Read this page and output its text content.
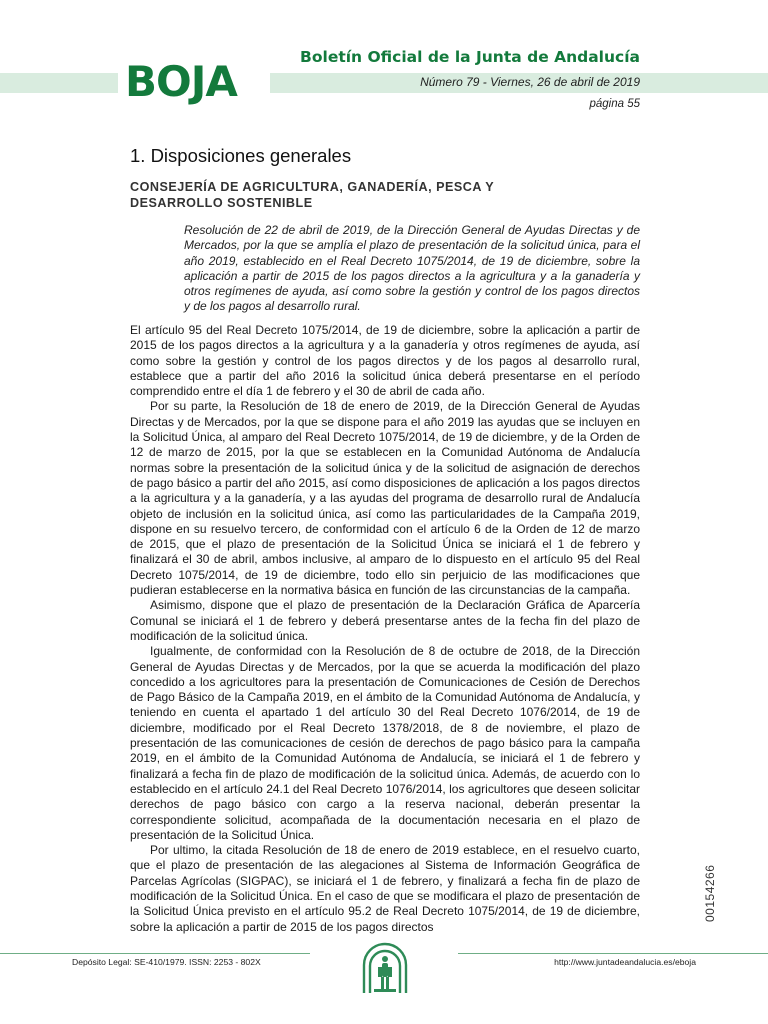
BOJA	Boletín Oficial de la Junta de Andalucía
Número 79 - Viernes, 26 de abril de 2019
página 55
1. Disposiciones generales
CONSEJERÍA DE AGRICULTURA, GANADERÍA, PESCA Y DESARROLLO SOSTENIBLE
Resolución de 22 de abril de 2019, de la Dirección General de Ayudas Directas y de Mercados, por la que se amplía el plazo de presentación de la solicitud única, para el año 2019, establecido en el Real Decreto 1075/2014, de 19 de diciembre, sobre la aplicación a partir de 2015 de los pagos directos a la agricultura y a la ganadería y otros regímenes de ayuda, así como sobre la gestión y control de los pagos directos y de los pagos al desarrollo rural.

El artículo 95 del Real Decreto 1075/2014, de 19 de diciembre, sobre la aplicación a partir de 2015 de los pagos directos a la agricultura y a la ganadería y otros regímenes de ayuda, así como sobre la gestión y control de los pagos directos y de los pagos al desarrollo rural, establece que a partir del año 2016 la solicitud única deberá presentarse en el período comprendido entre el día 1 de febrero y el 30 de abril de cada año.

Por su parte, la Resolución de 18 de enero de 2019, de la Dirección General de Ayudas Directas y de Mercados, por la que se dispone para el año 2019 las ayudas que se incluyen en la Solicitud Única, al amparo del Real Decreto 1075/2014, de 19 de diciembre, y de la Orden de 12 de marzo de 2015, por la que se establecen en la Comunidad Autónoma de Andalucía normas sobre la presentación de la solicitud única y de la solicitud de asignación de derechos de pago básico a partir del año 2015, así como disposiciones de aplicación a los pagos directos a la agricultura y a la ganadería, y a las ayudas del programa de desarrollo rural de Andalucía objeto de inclusión en la solicitud única, así como las particularidades de la Campaña 2019, dispone en su resuelvo tercero, de conformidad con el artículo 6 de la Orden de 12 de marzo de 2015, que el plazo de presentación de la Solicitud Única se iniciará el 1 de febrero y finalizará el 30 de abril, ambos inclusive, al amparo de lo dispuesto en el artículo 95 del Real Decreto 1075/2014, de 19 de diciembre, todo ello sin perjuicio de las modificaciones que pudieran establecerse en la normativa básica en función de las circunstancias de la campaña.

Asimismo, dispone que el plazo de presentación de la Declaración Gráfica de Aparcería Comunal se iniciará el 1 de febrero y deberá presentarse antes de la fecha fin del plazo de modificación de la solicitud única.

Igualmente, de conformidad con la Resolución de 8 de octubre de 2018, de la Dirección General de Ayudas Directas y de Mercados, por la que se acuerda la modificación del plazo concedido a los agricultores para la presentación de Comunicaciones de Cesión de Derechos de Pago Básico de la Campaña 2019, en el ámbito de la Comunidad Autónoma de Andalucía, y teniendo en cuenta el apartado 1 del artículo 30 del Real Decreto 1076/2014, de 19 de diciembre, modificado por el Real Decreto 1378/2018, de 8 de noviembre, el plazo de presentación de las comunicaciones de cesión de derechos de pago básico para la campaña 2019, en el ámbito de la Comunidad Autónoma de Andalucía, se iniciará el 1 de febrero y finalizará a fecha fin de plazo de modificación de la solicitud única. Además, de acuerdo con lo establecido en el artículo 24.1 del Real Decreto 1076/2014, los agricultores que deseen solicitar derechos de pago básico con cargo a la reserva nacional, deberán presentar la correspondiente solicitud, acompañada de la documentación necesaria en el plazo de presentación de la Solicitud Única.

Por ultimo, la citada Resolución de 18 de enero de 2019 establece, en el resuelvo cuarto, que el plazo de presentación de las alegaciones al Sistema de Información Geográfica de Parcelas Agrícolas (SIGPAC), se iniciará el 1 de febrero, y finalizará a fecha fin de plazo de modificación de la Solicitud Única. En el caso de que se modificara el plazo de presentación de la Solicitud Única previsto en el artículo 95.2 de Real Decreto 1075/2014, de 19 de diciembre, sobre la aplicación a partir de 2015 de los pagos directos

00154266
Depósito Legal: SE-410/1979. ISSN: 2253 - 802X	http://www.juntadeandalucia.es/eboja
